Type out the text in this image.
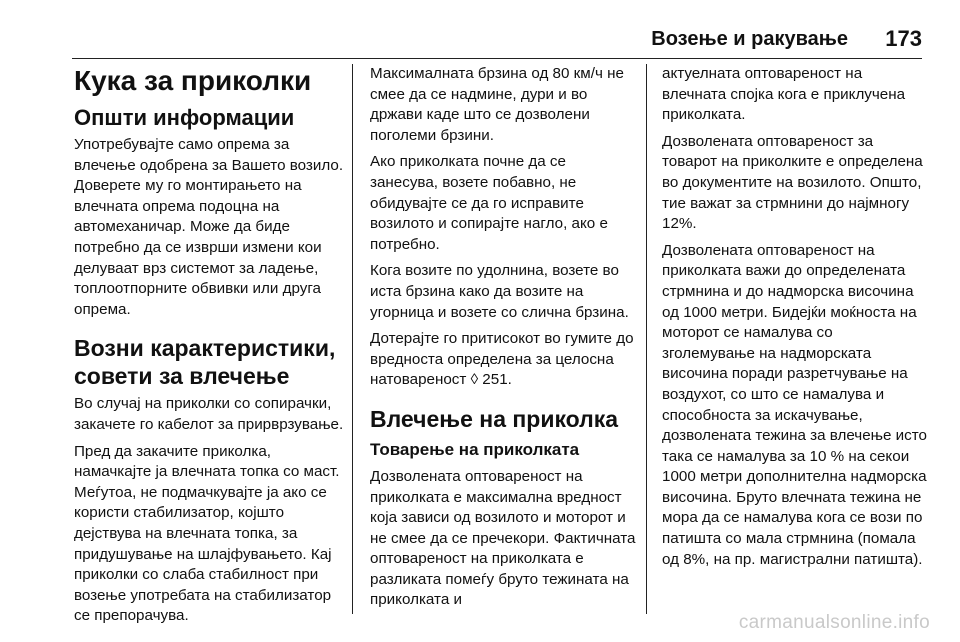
Возење и ракување 173
Кука за приколки
Општи информации

Употребувајте само опрема за влечење одобрена за Вашето возило. Доверете му го монтирањето на влечната опрема подоцна на автомеханичар. Може да биде потребно да се изврши измени кои делуваат врз системот за ладење, топлоотпорните обвивки или друга опрема.

Возни карактеристики, совети за влечење

Во случај на приколки со сопирачки, закачете го кабелот за прирврзување.

Пред да закачите приколка, намачкајте ја влечната топка со маст. Меѓутоа, не подмачкувајте ја ако се користи стабилизатор, којшто дејствува на влечната топка, за придушување на шлајфувањето. Кај приколки со слаба стабилност при возење употребата на стабилизатор се препорачува.

Максималната брзина од 80 км/ч не смее да се надмине, дури и во држави каде што се дозволени поголеми брзини.

Ако приколката почне да се занесува, возете побавно, не обидувајте се да го исправите возилото и сопирајте нагло, ако е потребно.

Кога возите по удолнина, возете во иста брзина како да возите на угорница и возете со слична брзина.

Дотерајте го притисокот во гумите до вредноста определена за целосна натовареност ◊ 251.

Влечење на приколка
Товарење на приколката

Дозволената оптовареност на приколката е максимална вредност која зависи од возилото и моторот и не смее да се пречекори. Фактичната оптовареност на приколката е разликата помеѓу бруто тежината на приколката и

актуелната оптовареност на влечната спојка кога е приклучена приколката.

Дозволената оптовареност за товарот на приколките е определена во документите на возилото. Општо, тие важат за стрмнини до најмногу 12%.

Дозволената оптовареност на приколката важи до определената стрмнина и до надморска височина од 1000 метри. Бидејќи моќноста на моторот се намалува со зголемувањe на надморската височина поради разретчувањe на воздухот, со што се намалува и способноста за искачување, дозволената тежина за влечење исто така се намалува за 10 % на секои 1000 метри дополнителна надморска височина. Бруто влечната тежина не мора да се намалува кога се вози по патишта со мала стрмнина (помала од 8%, на пр. магистрални патишта).

carmanualsonline.info
